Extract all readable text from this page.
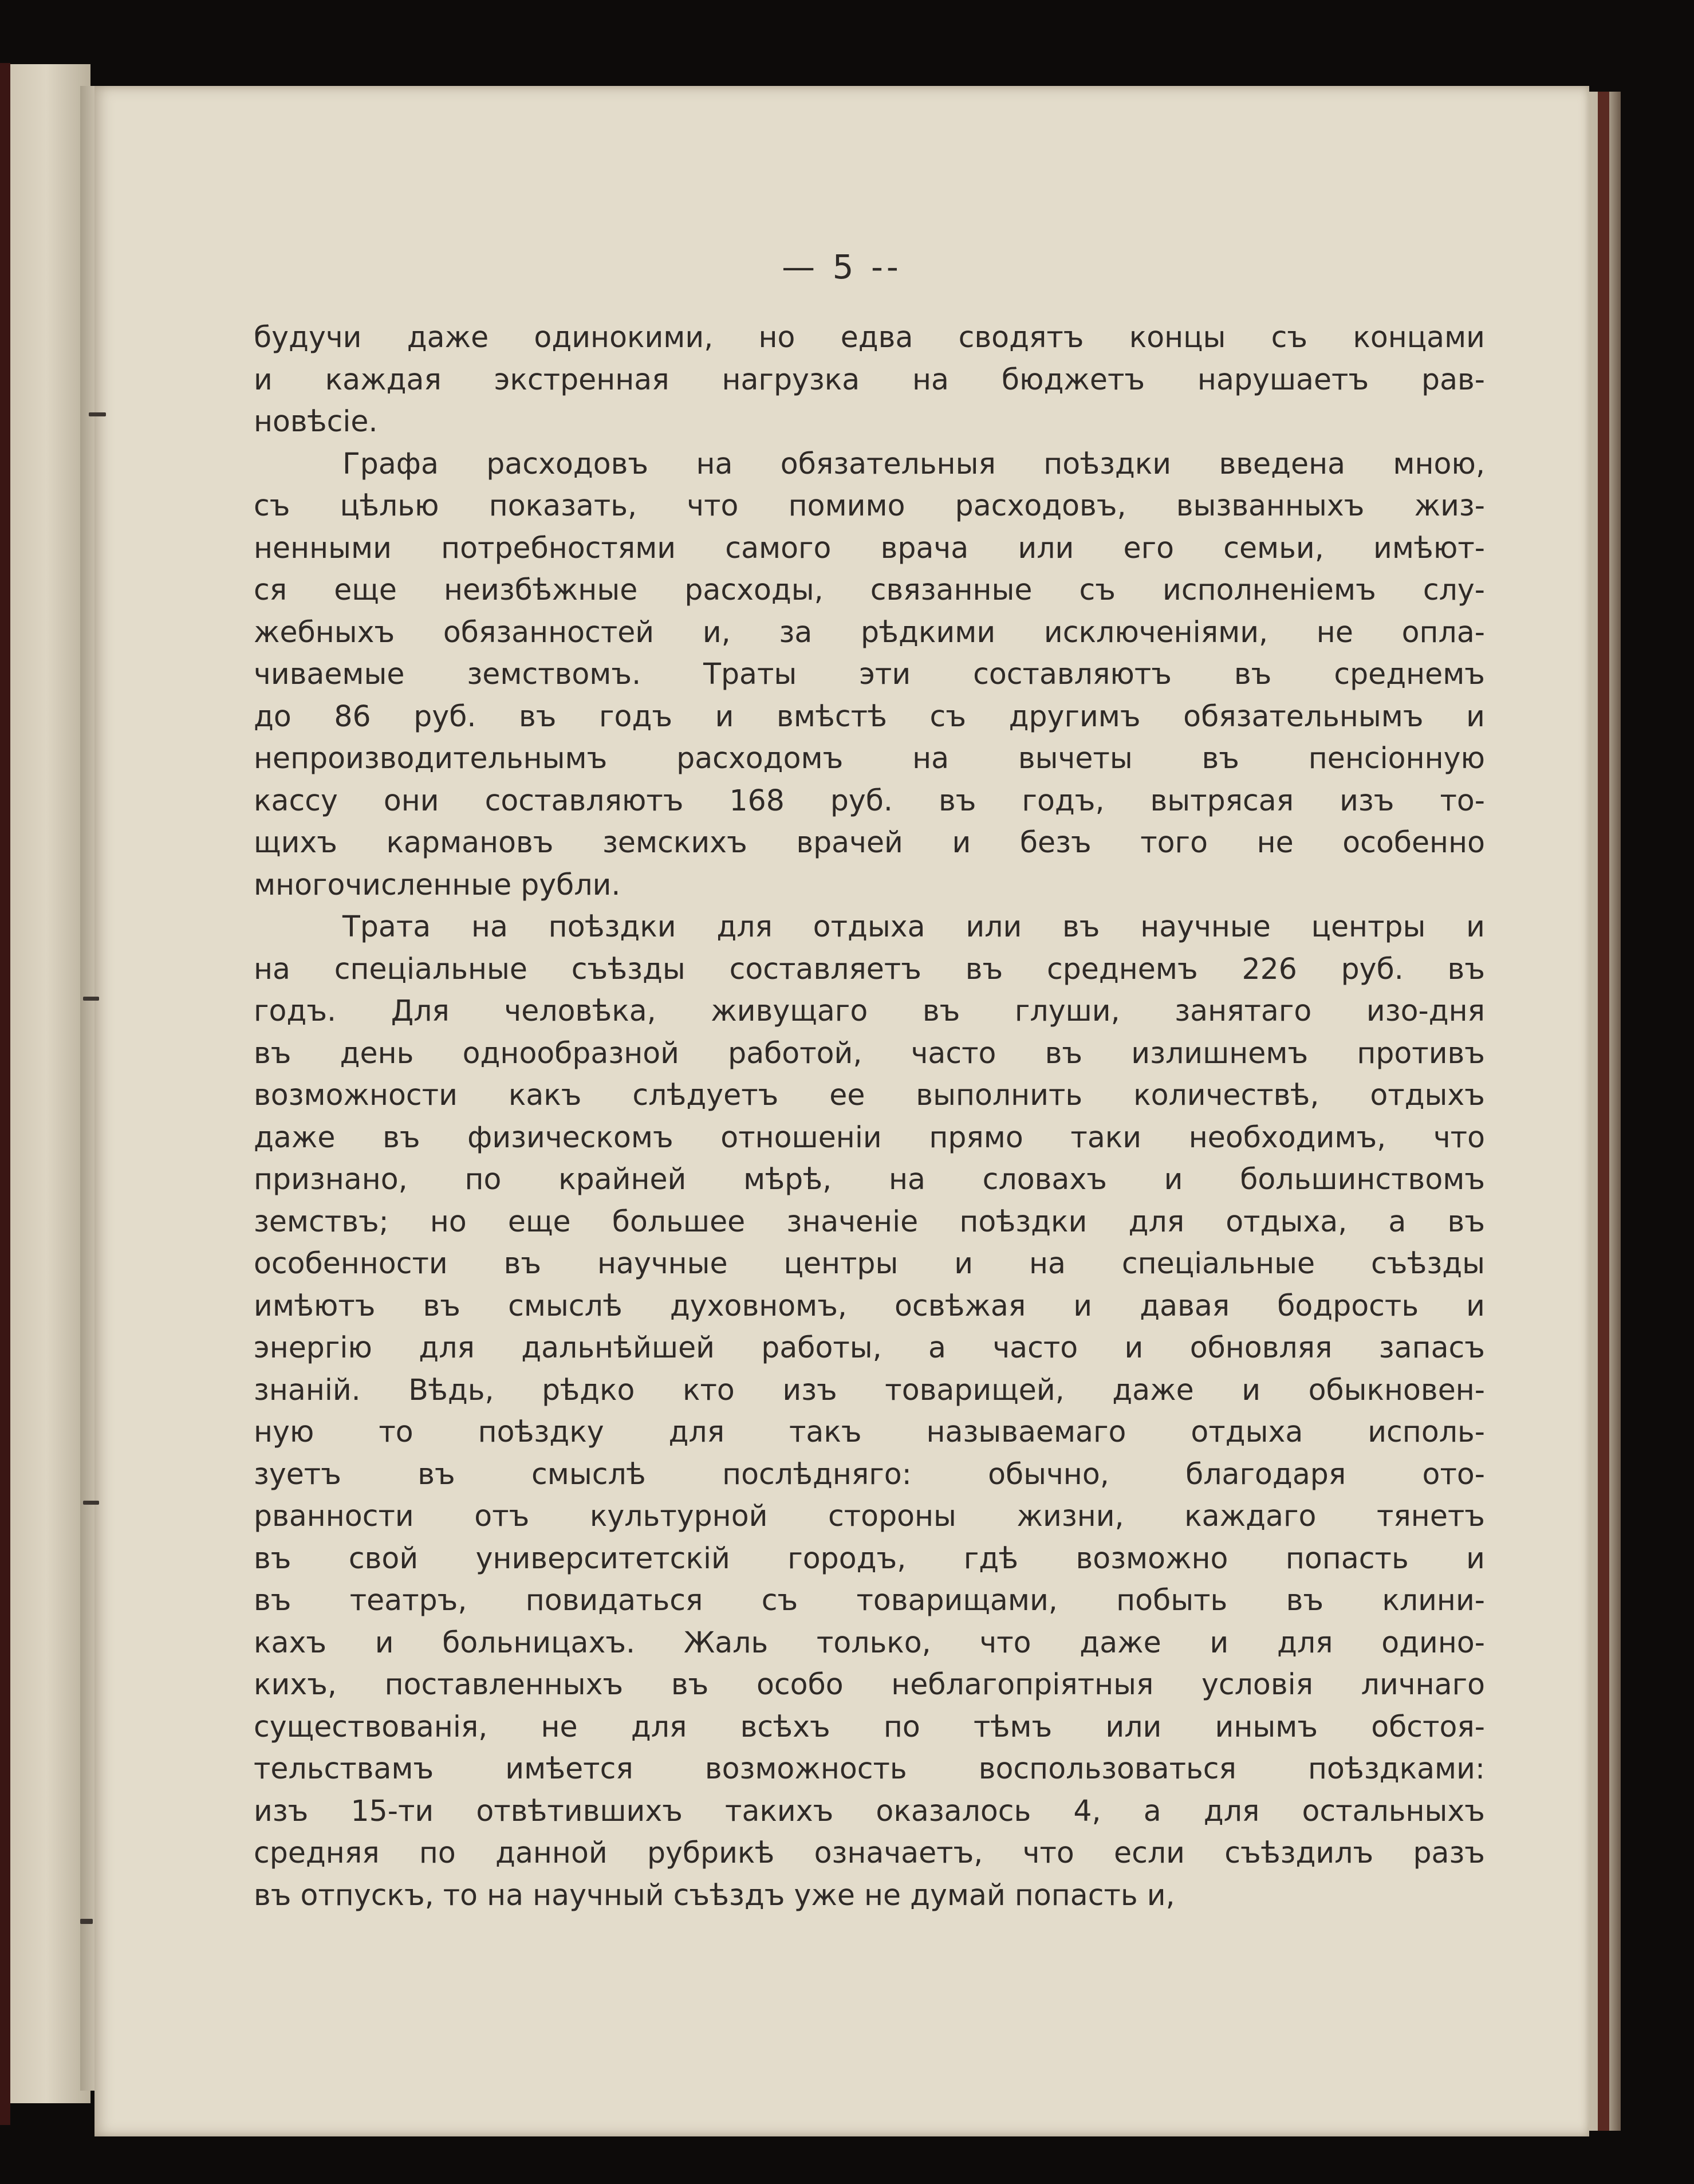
— 5 --
будучи даже одинокими, но едва сводятъ концы съ концами
и каждая экстренная нагрузка на бюджетъ нарушаетъ рав-
новѣсіе.
Графа расходовъ на обязательныя поѣздки введена мною,
съ цѣлью показать, что помимо расходовъ, вызванныхъ жиз-
ненными потребностями самого врача или его семьи, имѣют-
ся еще неизбѣжные расходы, связанные съ исполненіемъ слу-
жебныхъ обязанностей и, за рѣдкими исключеніями, не опла-
чиваемые земствомъ. Траты эти составляютъ въ среднемъ
до 86 руб. въ годъ и вмѣстѣ съ другимъ обязательнымъ и
непроизводительнымъ расходомъ на вычеты въ пенсіонную
кассу они составляютъ 168 руб. въ годъ, вытрясая изъ то-
щихъ кармановъ земскихъ врачей и безъ того не особенно
многочисленные рубли.
Трата на поѣздки для отдыха или въ научные центры и
на спеціальные съѣзды составляетъ въ среднемъ 226 руб. въ
годъ. Для человѣка, живущаго въ глуши, занятаго изо-дня
въ день однообразной работой, часто въ излишнемъ противъ
возможности какъ слѣдуетъ ее выполнить количествѣ, отдыхъ
даже въ физическомъ отношеніи прямо таки необходимъ, что
признано, по крайней мѣрѣ, на словахъ и большинствомъ
земствъ; но еще большее значеніе поѣздки для отдыха, а въ
особенности въ научные центры и на спеціальные съѣзды
имѣютъ въ смыслѣ духовномъ, освѣжая и давая бодрость и
энергію для дальнѣйшей работы, а часто и обновляя запасъ
знаній. Вѣдь, рѣдко кто изъ товарищей, даже и обыкновен-
ную то поѣздку для такъ называемаго отдыха исполь-
зуетъ въ смыслѣ послѣдняго: обычно, благодаря ото-
рванности отъ культурной стороны жизни, каждаго тянетъ
въ свой университетскій городъ, гдѣ возможно попасть и
въ театръ, повидаться съ товарищами, побыть въ клини-
кахъ и больницахъ. Жаль только, что даже и для одино-
кихъ, поставленныхъ въ особо неблагопріятныя условія личнаго
существованія, не для всѣхъ по тѣмъ или инымъ обстоя-
тельствамъ имѣется возможность воспользоваться поѣздками:
изъ 15-ти отвѣтившихъ такихъ оказалось 4, а для остальныхъ
средняя по данной рубрикѣ означаетъ, что если съѣздилъ разъ
въ отпускъ, то на научный съѣздъ уже не думай попасть и,
